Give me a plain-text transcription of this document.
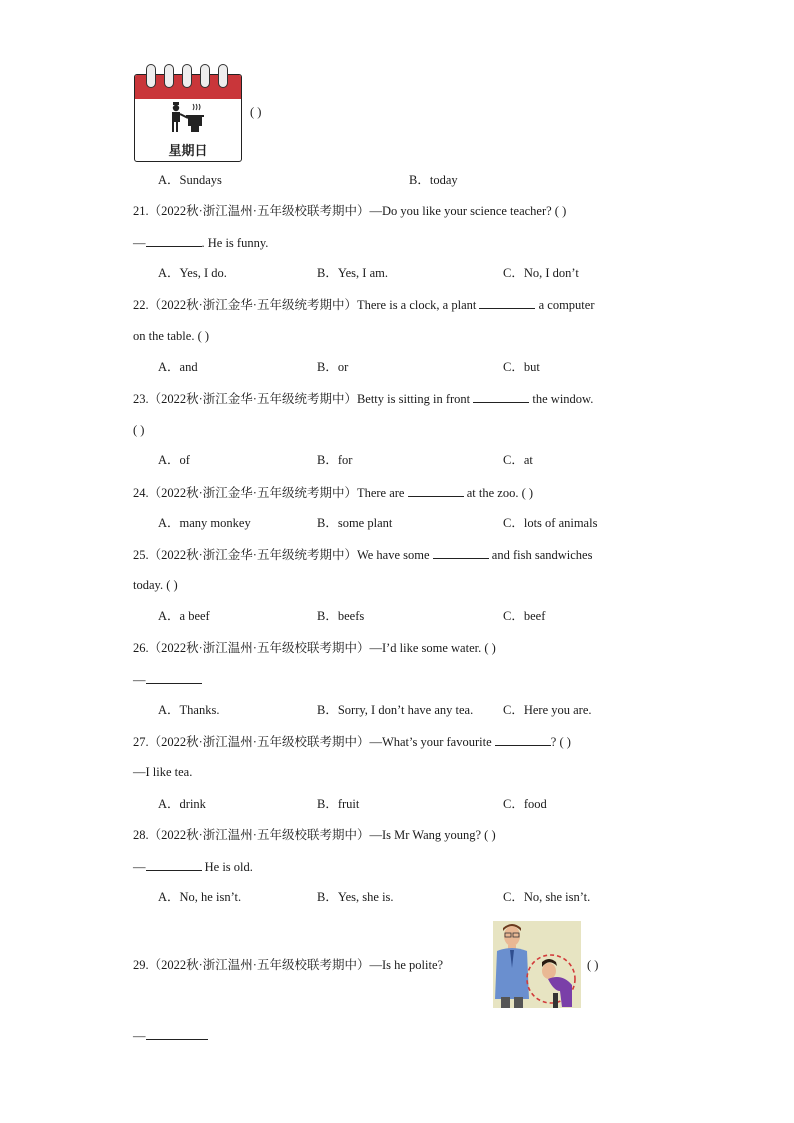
星期日
( )
A．Sundays	B．today
21.（2022秋·浙江温州·五年级校联考期中）—Do you like your science teacher? ( )
—	. He is funny.
A．Yes, I do.	B．Yes, I am.	C．No, I don’t
22.（2022秋·浙江金华·五年级统考期中）There is a clock, a plant	a computer
on the table. ( )
A．and	B．or	C．but
23.（2022秋·浙江金华·五年级统考期中）Betty is sitting in front	the window.
( )
A．of	B．for	C．at
24.（2022秋·浙江金华·五年级统考期中）There are	at the zoo. ( )
A．many monkey	B．some plant	C．lots of animals
25.（2022秋·浙江金华·五年级统考期中）We have some	and fish sandwiches
today. ( )
A．a beef	B．beefs	C．beef
26.（2022秋·浙江温州·五年级校联考期中）—I’d like some water. ( )
—
A．Thanks.	B．Sorry, I don’t have any tea. C．Here you are.
27.（2022秋·浙江温州·五年级校联考期中）—What’s your favourite	? ( )
—I like tea.
A．drink	B．fruit	C．food
28.（2022秋·浙江温州·五年级校联考期中）—Is Mr Wang young? ( )
—	He is old.
A．No, he isn’t.	B．Yes, she is.	C．No, she isn’t.
29.（2022秋·浙江温州·五年级校联考期中）—Is he polite?	( )
—
